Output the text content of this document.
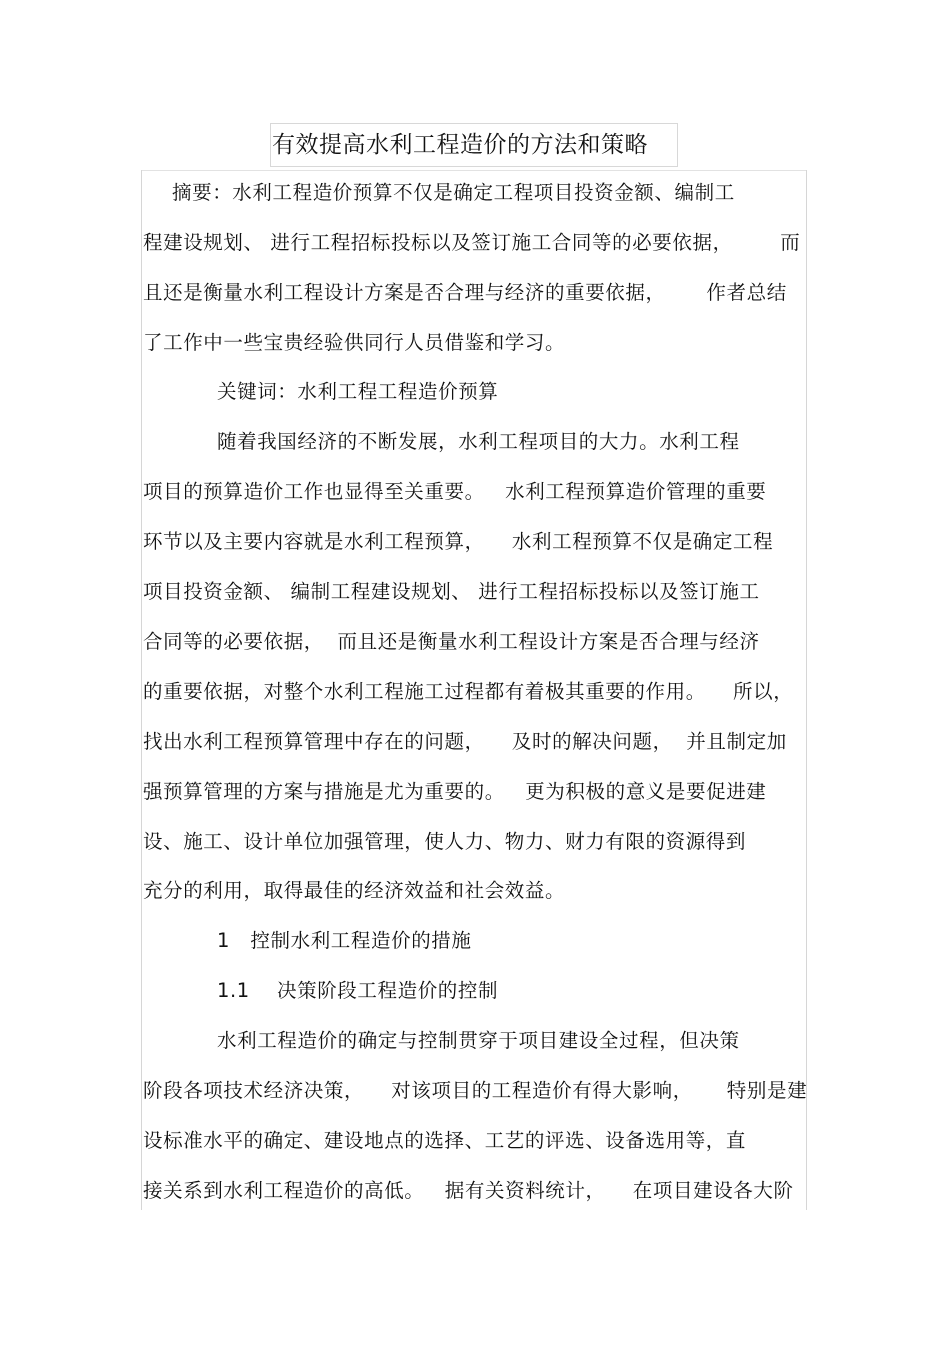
有效提高水利工程造价的方法和策略
摘要：水利工程造价预算不仅是确定工程项目投资金额、编制工
程建设规划、 进行工程招标投标以及签订施工合同等的必要依据，       而
且还是衡量水利工程设计方案是否合理与经济的重要依据，      作者总结
了工作中一些宝贵经验供同行人员借鉴和学习。
关键词：水利工程工程造价预算
随着我国经济的不断发展，水利工程项目的大力。水利工程
项目的预算造价工作也显得至关重要。   水利工程预算造价管理的重要
环节以及主要内容就是水利工程预算，    水利工程预算不仅是确定工程
项目投资金额、 编制工程建设规划、 进行工程招标投标以及签订施工
合同等的必要依据，  而且还是衡量水利工程设计方案是否合理与经济
的重要依据，对整个水利工程施工过程都有着极其重要的作用。    所以，
找出水利工程预算管理中存在的问题，    及时的解决问题，  并且制定加
强预算管理的方案与措施是尤为重要的。   更为积极的意义是要促进建
设、施工、设计单位加强管理，使人力、物力、财力有限的资源得到
充分的利用，取得最佳的经济效益和社会效益。
1   控制水利工程造价的措施
1.1    决策阶段工程造价的控制
水利工程造价的确定与控制贯穿于项目建设全过程，但决策
阶段各项技术经济决策，    对该项目的工程造价有得大影响，     特别是建
设标准水平的确定、建设地点的选择、工艺的评选、设备选用等，直
接关系到水利工程造价的高低。   据有关资料统计，    在项目建设各大阶
